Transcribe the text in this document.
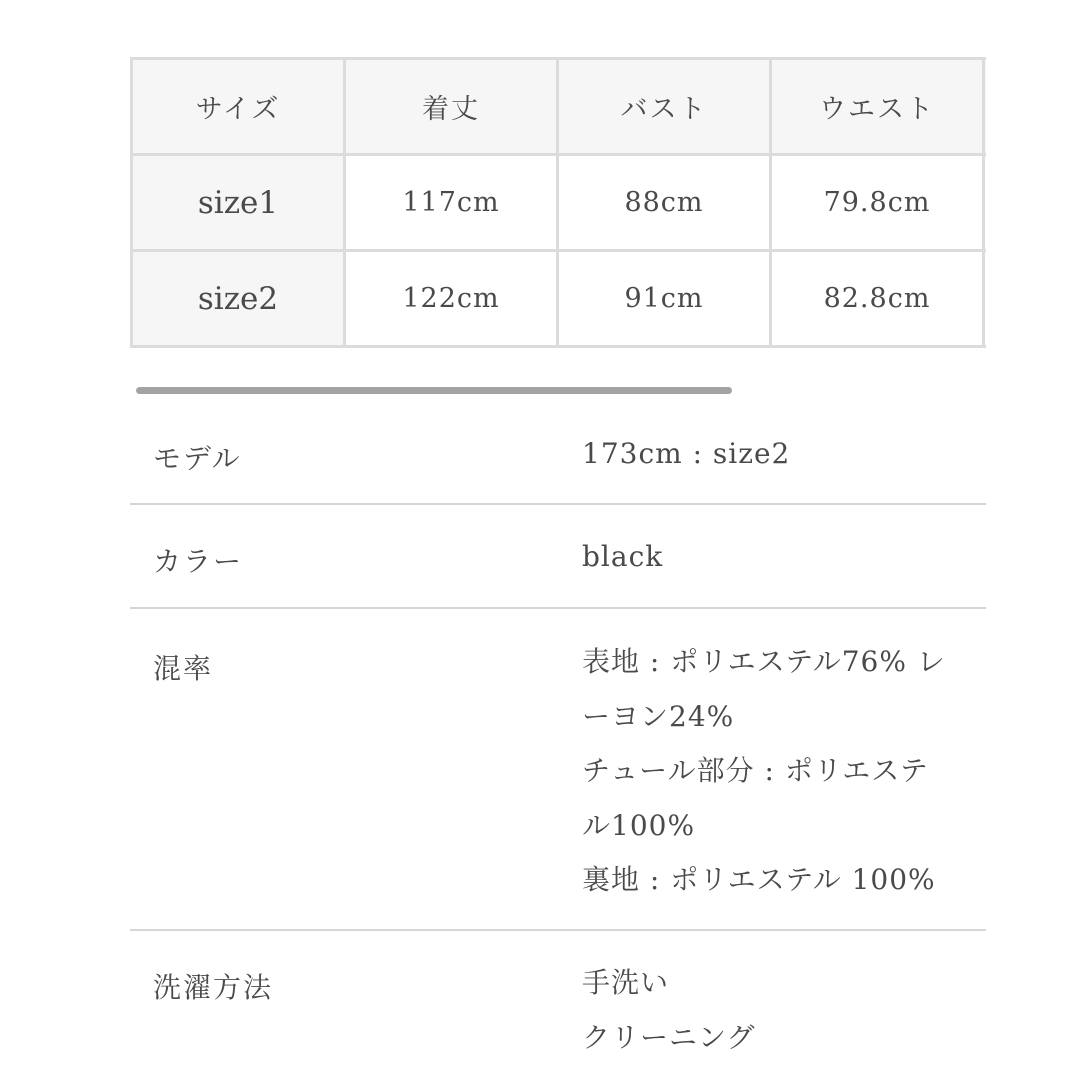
サイズ	着丈	バスト	ウエスト	
size1	117cm	88cm	79.8cm	
size2	122cm	91cm	82.8cm	
モデル	173cm : size2
カラー	black
混率	表地 : ポリエステル76% レ
ーヨン24%
チュール部分 : ポリエステ
ル100%
裏地 : ポリエステル 100%
洗濯方法	手洗い
クリーニング
